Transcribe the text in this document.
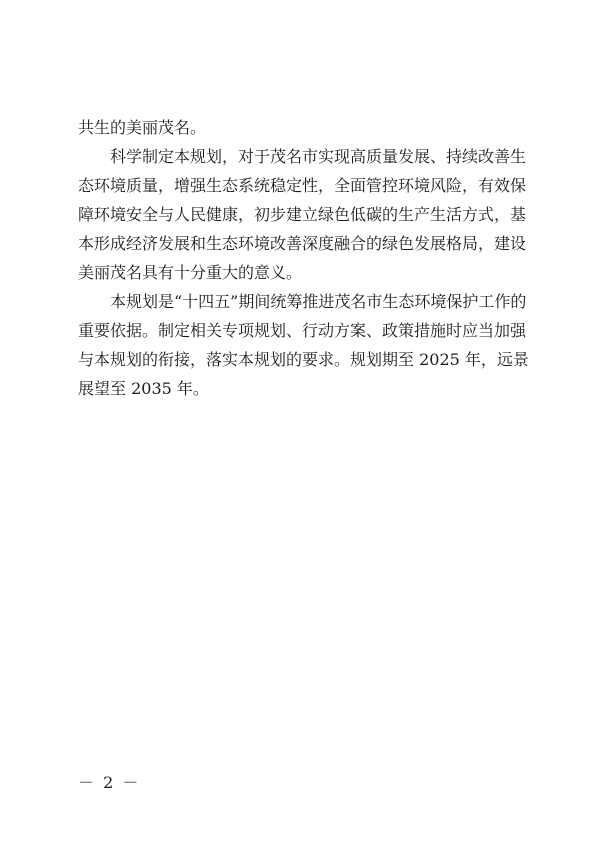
共生的美丽茂名。
科学制定本规划，对于茂名市实现高质量发展、持续改善生
态环境质量，增强生态系统稳定性，全面管控环境风险，有效保
障环境安全与人民健康，初步建立绿色低碳的生产生活方式，基
本形成经济发展和生态环境改善深度融合的绿色发展格局，建设
美丽茂名具有十分重大的意义。
本规划是“十四五”期间统筹推进茂名市生态环境保护工作的
重要依据。制定相关专项规划、行动方案、政策措施时应当加强
与本规划的衔接，落实本规划的要求。规划期至 2025 年，远景
展望至 2035 年。
－ 2 －
